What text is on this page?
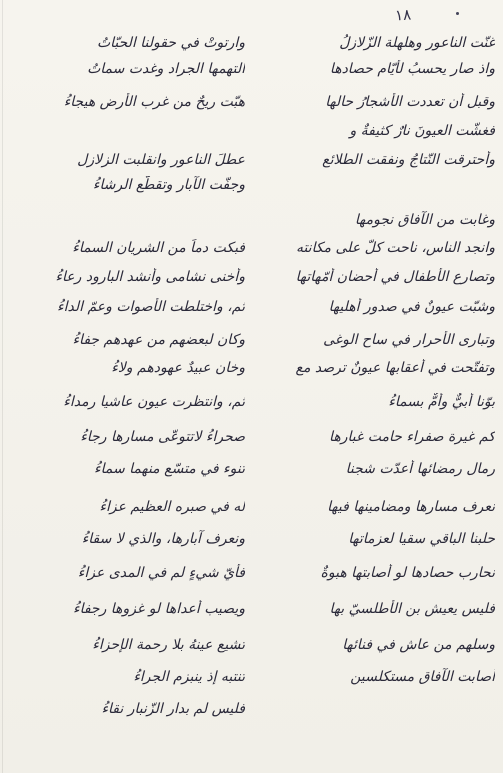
١٨
غنّت الناعور وهلهلة الزّلازلُ
وارتوتْ في حقولنا الحبّاتُ
واذ صار يحسبُ لأيّام حصادها
التهمها الجراد وغدت سماتُ
وقبل أن تعددت الأشجارُ حالها
هبّت ريحٌ من غرب الأرض هيجاءُ
فغشّت العيونَ نارٌ كثيفةٌ و
وأحترقت النّتاجُ ونفقت الطلائع
عطلَ الناعور وانقلبت الزلازل
وجفّت الآبار وتقطّع الرشاءُ
وغابت من الآفاق نجومها
وانجد الناس، ناحت كلٌّ على مكانته
فبكت دماً من الشريان السماءُ
وتصارع الأطفال في أحضان أمّهاتها
وأخنى نشامى وأنشد البارود رعاءُ
وشبّت عيونٌ في صدور أهليها
ثم، واختلطت الأصوات وعمّ الداءُ
وتبارى الأحرار في ساح الوغى
وكان لبعضهم من عهدهم جفاءُ
وتفتّحت في أعقابها عيونٌ ترصد مع
وخان عبيدٌ عهودهم ولاءُ
بوّنا أبيٌّ وأمٌّ بسماءُ
ثم، وانتظرت عيون عاشيا رمداءُ
كم غيرة صفراء حامت غبارها
صحراءُ لاتتوعّى مسارها رجاءُ
رمال رمضائها أعدّت شجنا
تنوء في متسّع منهما سماءُ
نعرف مسارها ومضامينها فيها
له في صبره العظيم عزاءُ
حلبنا الباقي سقيا لعزماتها
ونعرف آبارها، والذي لا سقاءُ
نحارب حصادها لو أصابتها هبوةٌ
فأيّ شيءٍ لم في المدى عزاءُ
فليس يعيش بن الأطلسيّ بها
ويصيب أعداها لو غزوها رجفاءُ
وسلهم من عاش في فنائها
تشيع عينهُ بلا رحمة الإحزاءُ
أصابت الآفاق مستكلسين
تنتبه إذ ينبزم الجراءُ
فليس لم بدار الزّنبار نقاءُ
